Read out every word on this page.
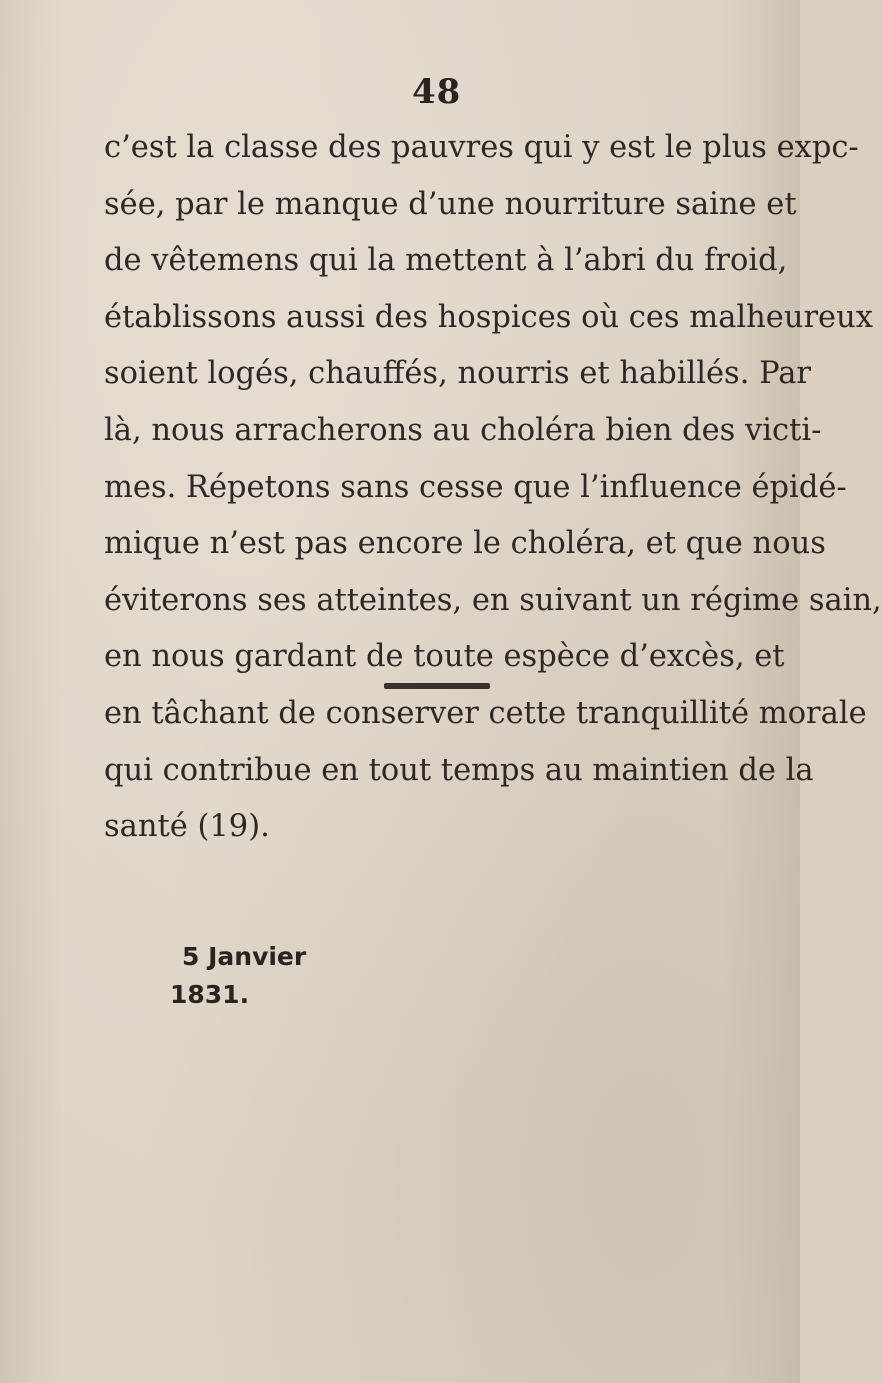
48
c’est la classe des pauvres qui y est le plus expc-
sée, par le manque d’une nourriture saine et
de vêtemens qui la mettent à l’abri du froid,
établissons aussi des hospices où ces malheureux
soient logés, chauffés, nourris et habillés. Par
là, nous arracherons au choléra bien des victi-
mes. Répetons sans cesse que l’influence épidé-
mique n’est pas encore le choléra, et que nous
éviterons ses atteintes, en suivant un régime sain,
en nous gardant de toute espèce d’excès, et
en tâchant de conserver cette tranquillité morale
qui contribue en tout temps au maintien de la
santé (19).
5 Janvier
1831.
